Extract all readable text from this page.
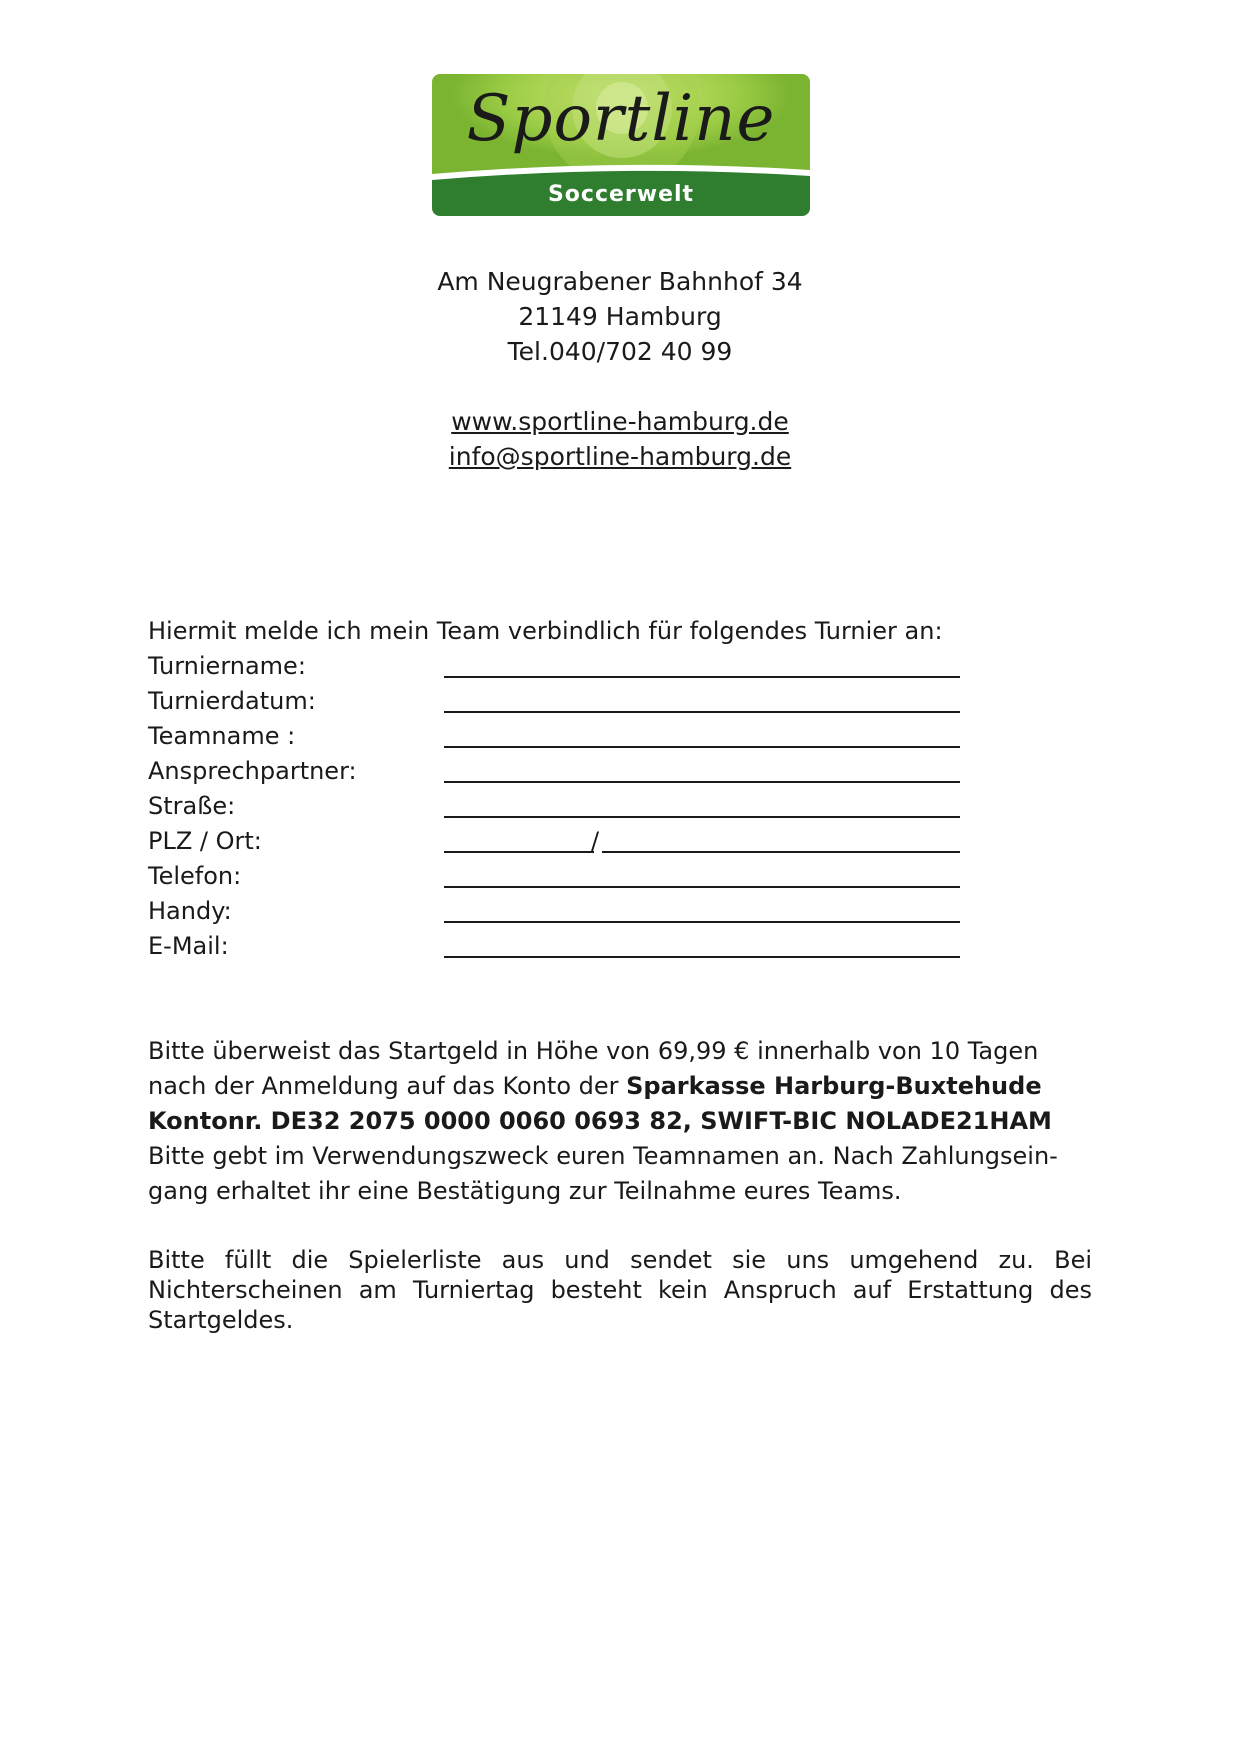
Sportline
Soccerwelt
Am Neugrabener Bahnhof 34
21149 Hamburg
Tel.040/702 40 99
www.sportline-hamburg.de
info@sportline-hamburg.de
Hiermit melde ich mein Team verbindlich für folgendes Turnier an:
Turniername:
Turnierdatum:
Teamname :
Ansprechpartner:
Straße:
PLZ / Ort:	/
Telefon:
Handy:
E-Mail:
Bitte überweist das Startgeld in Höhe von 69,99 € innerhalb von 10 Tagen
nach der Anmeldung auf das Konto der Sparkasse Harburg-Buxtehude
Kontonr. DE32 2075 0000 0060 0693 82, SWIFT-BIC NOLADE21HAM
Bitte gebt im Verwendungszweck euren Teamnamen an. Nach Zahlungsein-
gang erhaltet ihr eine Bestätigung zur Teilnahme eures Teams.
Bitte füllt die Spielerliste aus und sendet sie uns umgehend zu. Bei Nichterscheinen am Turniertag besteht kein Anspruch auf Erstattung des Startgeldes.
